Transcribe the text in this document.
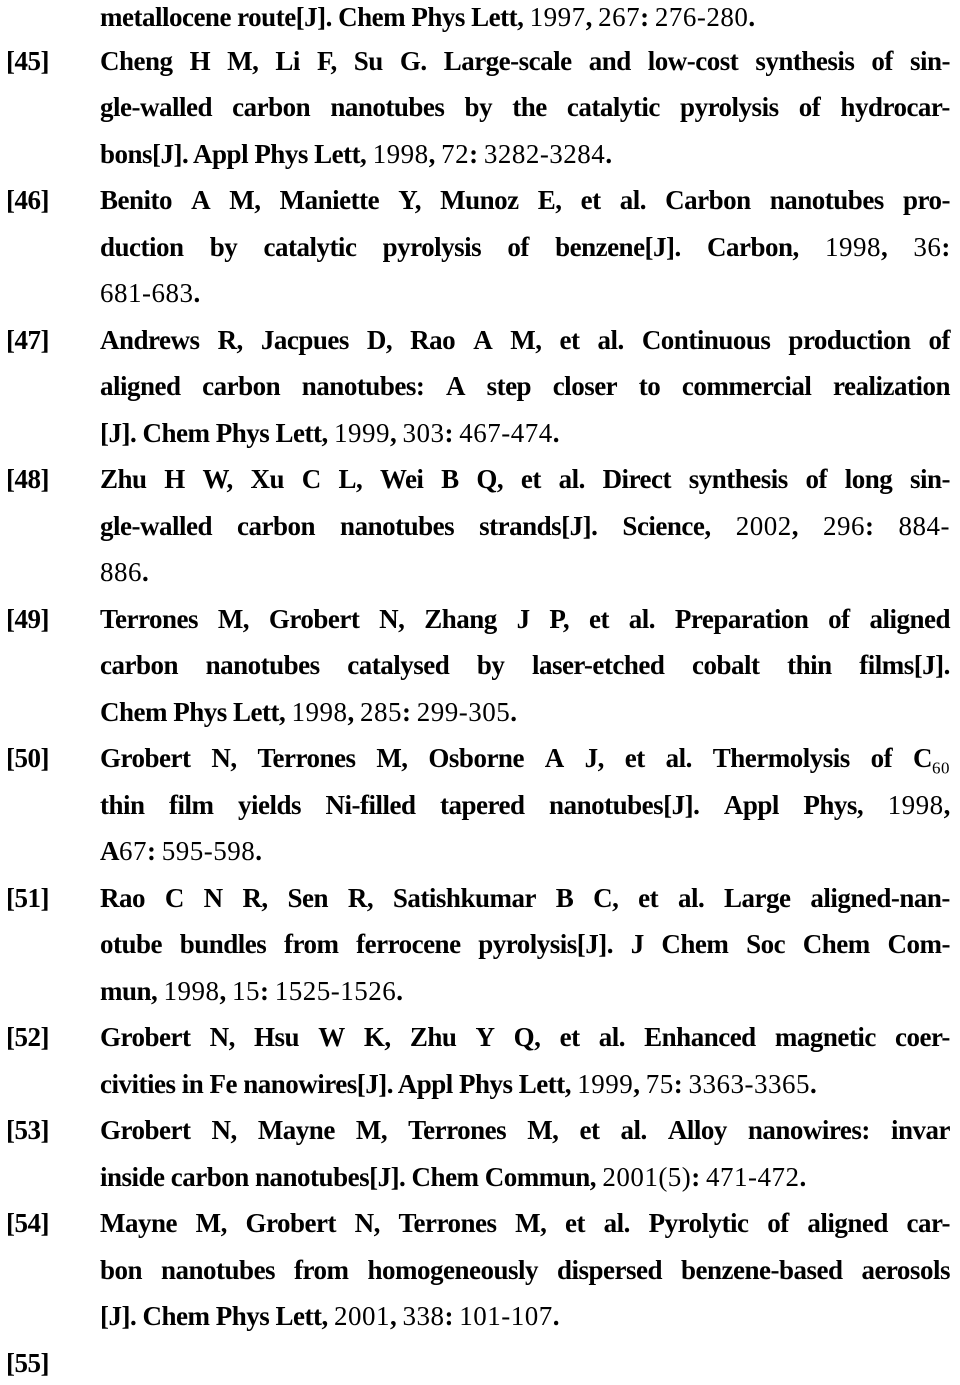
metallocene route[J]. Chem Phys Lett, 1997, 267: 276-280.
[45] Cheng H M, Li F, Su G. Large-scale and low-cost synthesis of sin-
gle-walled carbon nanotubes by the catalytic pyrolysis of hydrocar-
bons[J]. Appl Phys Lett, 1998, 72: 3282-3284.
[46] Benito A M, Maniette Y, Munoz E, et al. Carbon nanotubes pro-
duction by catalytic pyrolysis of benzene[J]. Carbon, 1998, 36:
681-683.
[47] Andrews R, Jacpues D, Rao A M, et al. Continuous production of
aligned carbon nanotubes: A step closer to commercial realization
[J]. Chem Phys Lett, 1999, 303: 467-474.
[48] Zhu H W, Xu C L, Wei B Q, et al. Direct synthesis of long sin-
gle-walled carbon nanotubes strands[J]. Science, 2002, 296: 884-
886.
[49] Terrones M, Grobert N, Zhang J P, et al. Preparation of aligned
carbon nanotubes catalysed by laser-etched cobalt thin films[J].
Chem Phys Lett, 1998, 285: 299-305.
[50] Grobert N, Terrones M, Osborne A J, et al. Thermolysis of $C_{60}$
thin film yields Ni-filled tapered nanotubes[J]. Appl Phys, 1998,
A67: 595-598.
[51] Rao C N R, Sen R, Satishkumar B C, et al. Large aligned-nan-
otube bundles from ferrocene pyrolysis[J]. J Chem Soc Chem Com-
mun, 1998, 15: 1525-1526.
[52] Grobert N, Hsu W K, Zhu Y Q, et al. Enhanced magnetic coer-
civities in Fe nanowires[J]. Appl Phys Lett, 1999, 75: 3363-3365.
[53] Grobert N, Mayne M, Terrones M, et al. Alloy nanowires: invar
inside carbon nanotubes[J]. Chem Commun, 2001(5): 471-472.
[54] Mayne M, Grobert N, Terrones M, et al. Pyrolytic of aligned car-
bon nanotubes from homogeneously dispersed benzene-based aerosols
[J]. Chem Phys Lett, 2001, 338: 101-107.
[55]
